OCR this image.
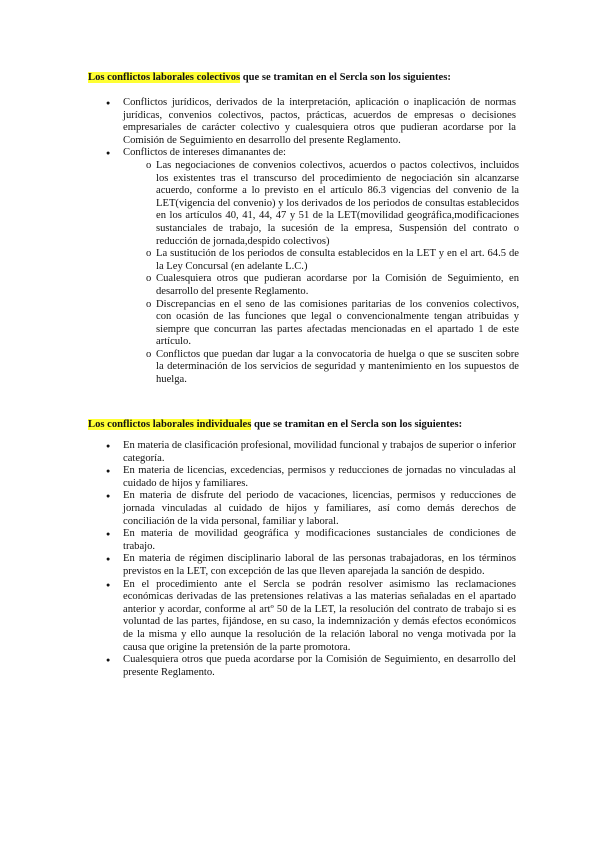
Los conflictos laborales colectivos que se tramitan en el Sercla son los siguientes:
● Conflictos jurídicos, derivados de la interpretación, aplicación o inaplicación de normas jurídicas, convenios colectivos, pactos, prácticas, acuerdos de empresas o decisiones empresariales de carácter colectivo y cualesquiera otros que pudieran acordarse por la Comisión de Seguimiento en desarrollo del presente Reglamento.
● Conflictos de intereses dimanantes de:
o Las negociaciones de convenios colectivos, acuerdos o pactos colectivos, incluidos los existentes tras el transcurso del procedimiento de negociación sin alcanzarse acuerdo, conforme a lo previsto en el artículo 86.3 vigencias del convenio de la LET(vigencia del convenio) y los derivados de los periodos de consultas establecidos en los artículos 40, 41, 44, 47 y 51 de la LET(movilidad geográfica,modificaciones sustanciales de trabajo, la sucesión de la empresa, Suspensión del contrato o reducción de jornada,despido colectivos)
o La sustitución de los periodos de consulta establecidos en la LET y en el art. 64.5 de la Ley Concursal (en adelante L.C.)
o Cualesquiera otros que pudieran acordarse por la Comisión de Seguimiento, en desarrollo del presente Reglamento.
o Discrepancias en el seno de las comisiones paritarias de los convenios colectivos, con ocasión de las funciones que legal o convencionalmente tengan atribuidas y siempre que concurran las partes afectadas mencionadas en el apartado 1 de este artículo.
o Conflictos que puedan dar lugar a la convocatoria de huelga o que se susciten sobre la determinación de los servicios de seguridad y mantenimiento en los supuestos de huelga.
Los conflictos laborales individuales que se tramitan en el Sercla son los siguientes:
● En materia de clasificación profesional, movilidad funcional y trabajos de superior o inferior categoría.
● En materia de licencias, excedencias, permisos y reducciones de jornadas no vinculadas al cuidado de hijos y familiares.
● En materia de disfrute del periodo de vacaciones, licencias, permisos y reducciones de jornada vinculadas al cuidado de hijos y familiares, así como demás derechos de conciliación de la vida personal, familiar y laboral.
● En materia de movilidad geográfica y modificaciones sustanciales de condiciones de trabajo.
● En materia de régimen disciplinario laboral de las personas trabajadoras, en los términos previstos en la LET, con excepción de las que lleven aparejada la sanción de despido.
● En el procedimiento ante el Sercla se podrán resolver asimismo las reclamaciones económicas derivadas de las pretensiones relativas a las materias señaladas en el apartado anterior y acordar, conforme al artº 50 de la LET, la resolución del contrato de trabajo si es voluntad de las partes, fijándose, en su caso, la indemnización y demás efectos económicos de la misma y ello aunque la resolución de la relación laboral no venga motivada por la causa que origine la pretensión de la parte promotora.
● Cualesquiera otros que pueda acordarse por la Comisión de Seguimiento, en desarrollo del presente Reglamento.
